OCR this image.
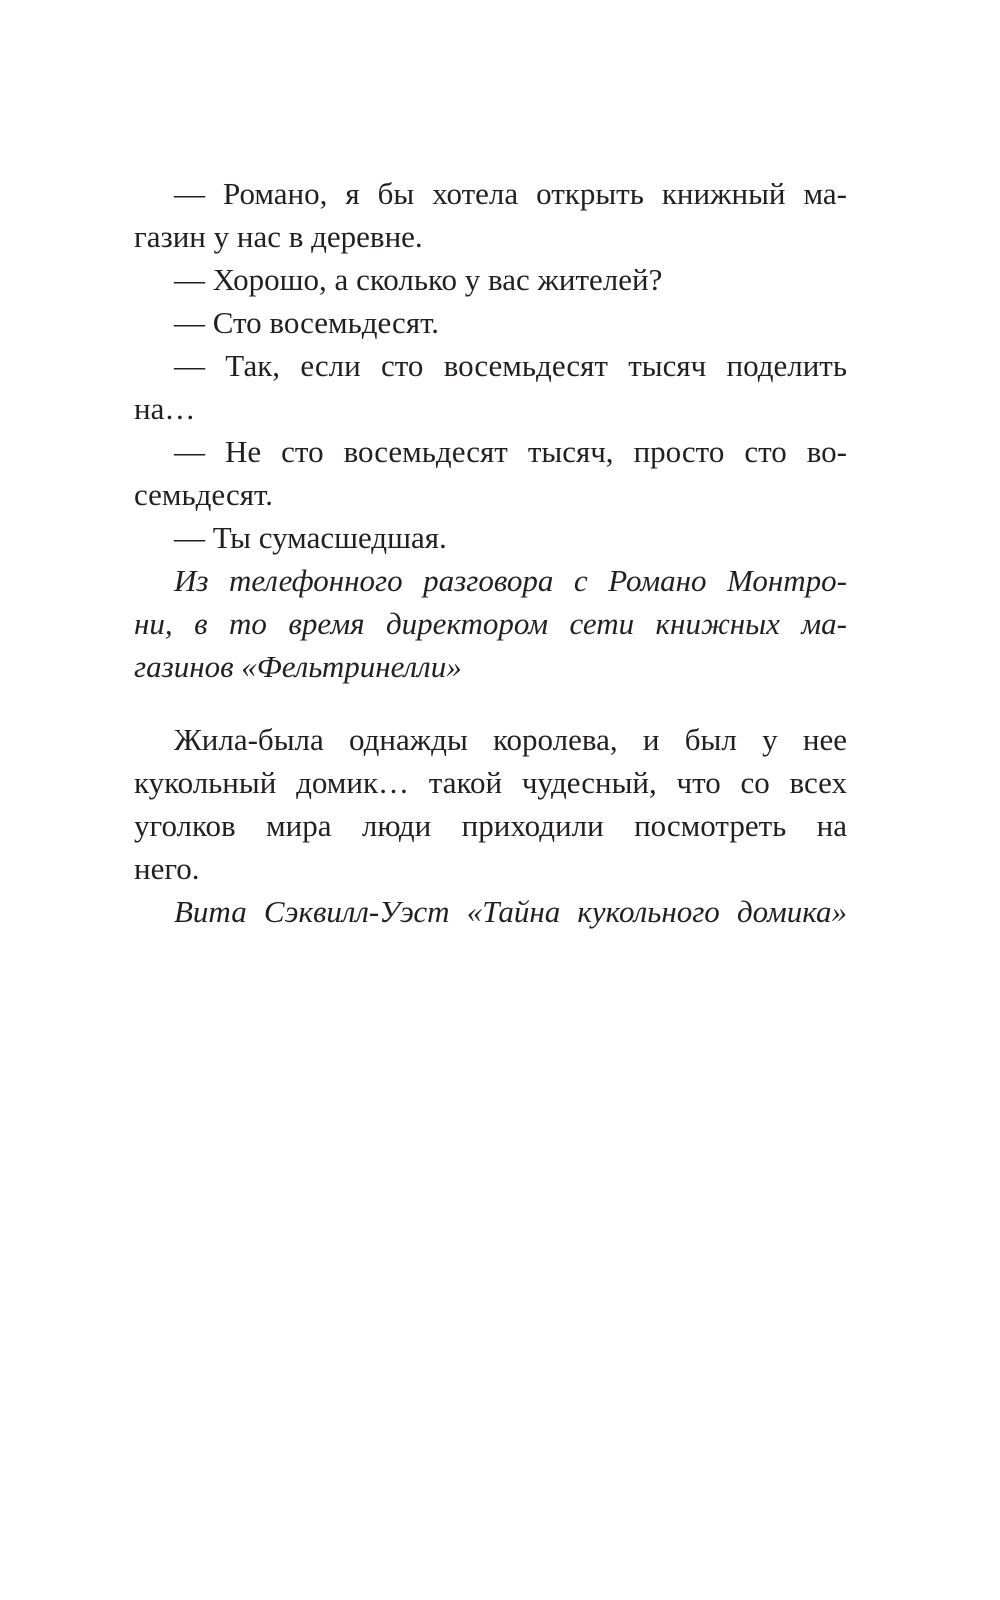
— Романо, я бы хотела открыть книжный ма-
газин у нас в деревне.
— Хорошо, а сколько у вас жителей?
— Сто восемьдесят.
— Так, если сто восемьдесят тысяч поделить
на…
— Не сто восемьдесят тысяч, просто сто во-
семьдесят.
— Ты сумасшедшая.
Из телефонного разговора с Романо Монтро-
ни, в то время директором сети книжных ма-
газинов «Фельтринелли»
Жила-была однажды королева, и был у нее
кукольный домик… такой чудесный, что со всех
уголков мира люди приходили посмотреть на
него.
Вита Сэквилл-Уэст «Тайна кукольного домика»
